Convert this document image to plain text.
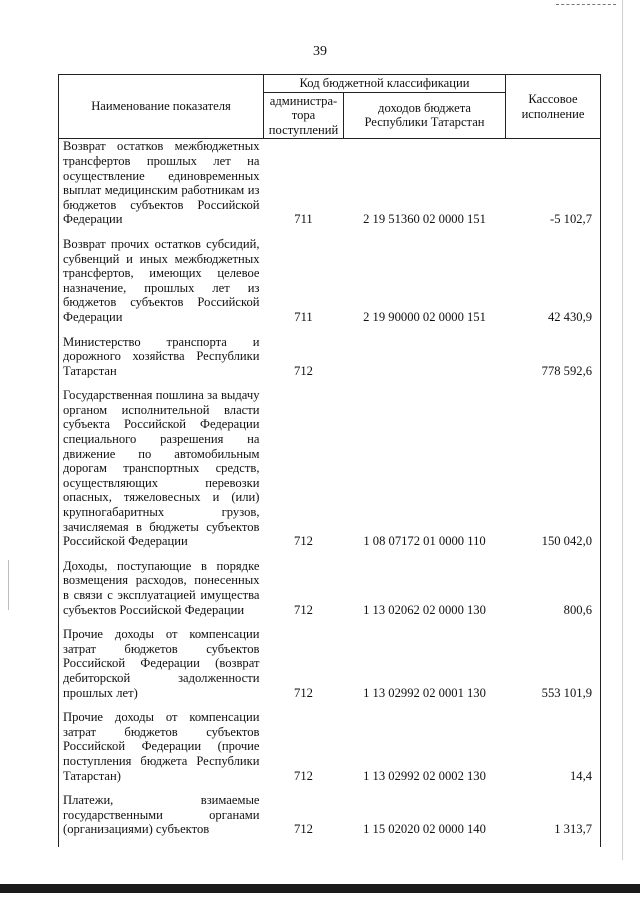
39
Наименование показателя	Код бюджетной классификации		Кассовое исполнение
	администра-тора поступлений	доходов бюджета Республики Татарстан	
Возврат остатков межбюджетных трансфертов прошлых лет на осуществление единовременных выплат медицинским работникам из бюджетов субъектов Российской Федерации	711	2 19 51360 02 0000 151	-5 102,7
Возврат прочих остатков субсидий, субвенций и иных межбюджетных трансфертов, имеющих целевое назначение, прошлых лет из бюджетов субъектов Российской Федерации	711	2 19 90000 02 0000 151	42 430,9
Министерство транспорта и дорожного хозяйства Республики Татарстан	712		778 592,6
Государственная пошлина за выдачу органом исполнительной власти субъекта Российской Федерации специального разрешения на движение по автомобильным дорогам транспортных средств, осуществляющих перевозки опасных, тяжеловесных и (или) крупногабаритных грузов, зачисляемая в бюджеты субъектов Российской Федерации	712	1 08 07172 01 0000 110	150 042,0
Доходы, поступающие в порядке возмещения расходов, понесенных в связи с эксплуатацией имущества субъектов Российской Федерации	712	1 13 02062 02 0000 130	800,6
Прочие доходы от компенсации затрат бюджетов субъектов Российской Федерации (возврат дебиторской задолженности прошлых лет)	712	1 13 02992 02 0001 130	553 101,9
Прочие доходы от компенсации затрат бюджетов субъектов Российской Федерации (прочие поступления бюджета Республики Татарстан)	712	1 13 02992 02 0002 130	14,4
Платежи, взимаемые государственными органами (организациями) субъектов	712	1 15 02020 02 0000 140	1 313,7
